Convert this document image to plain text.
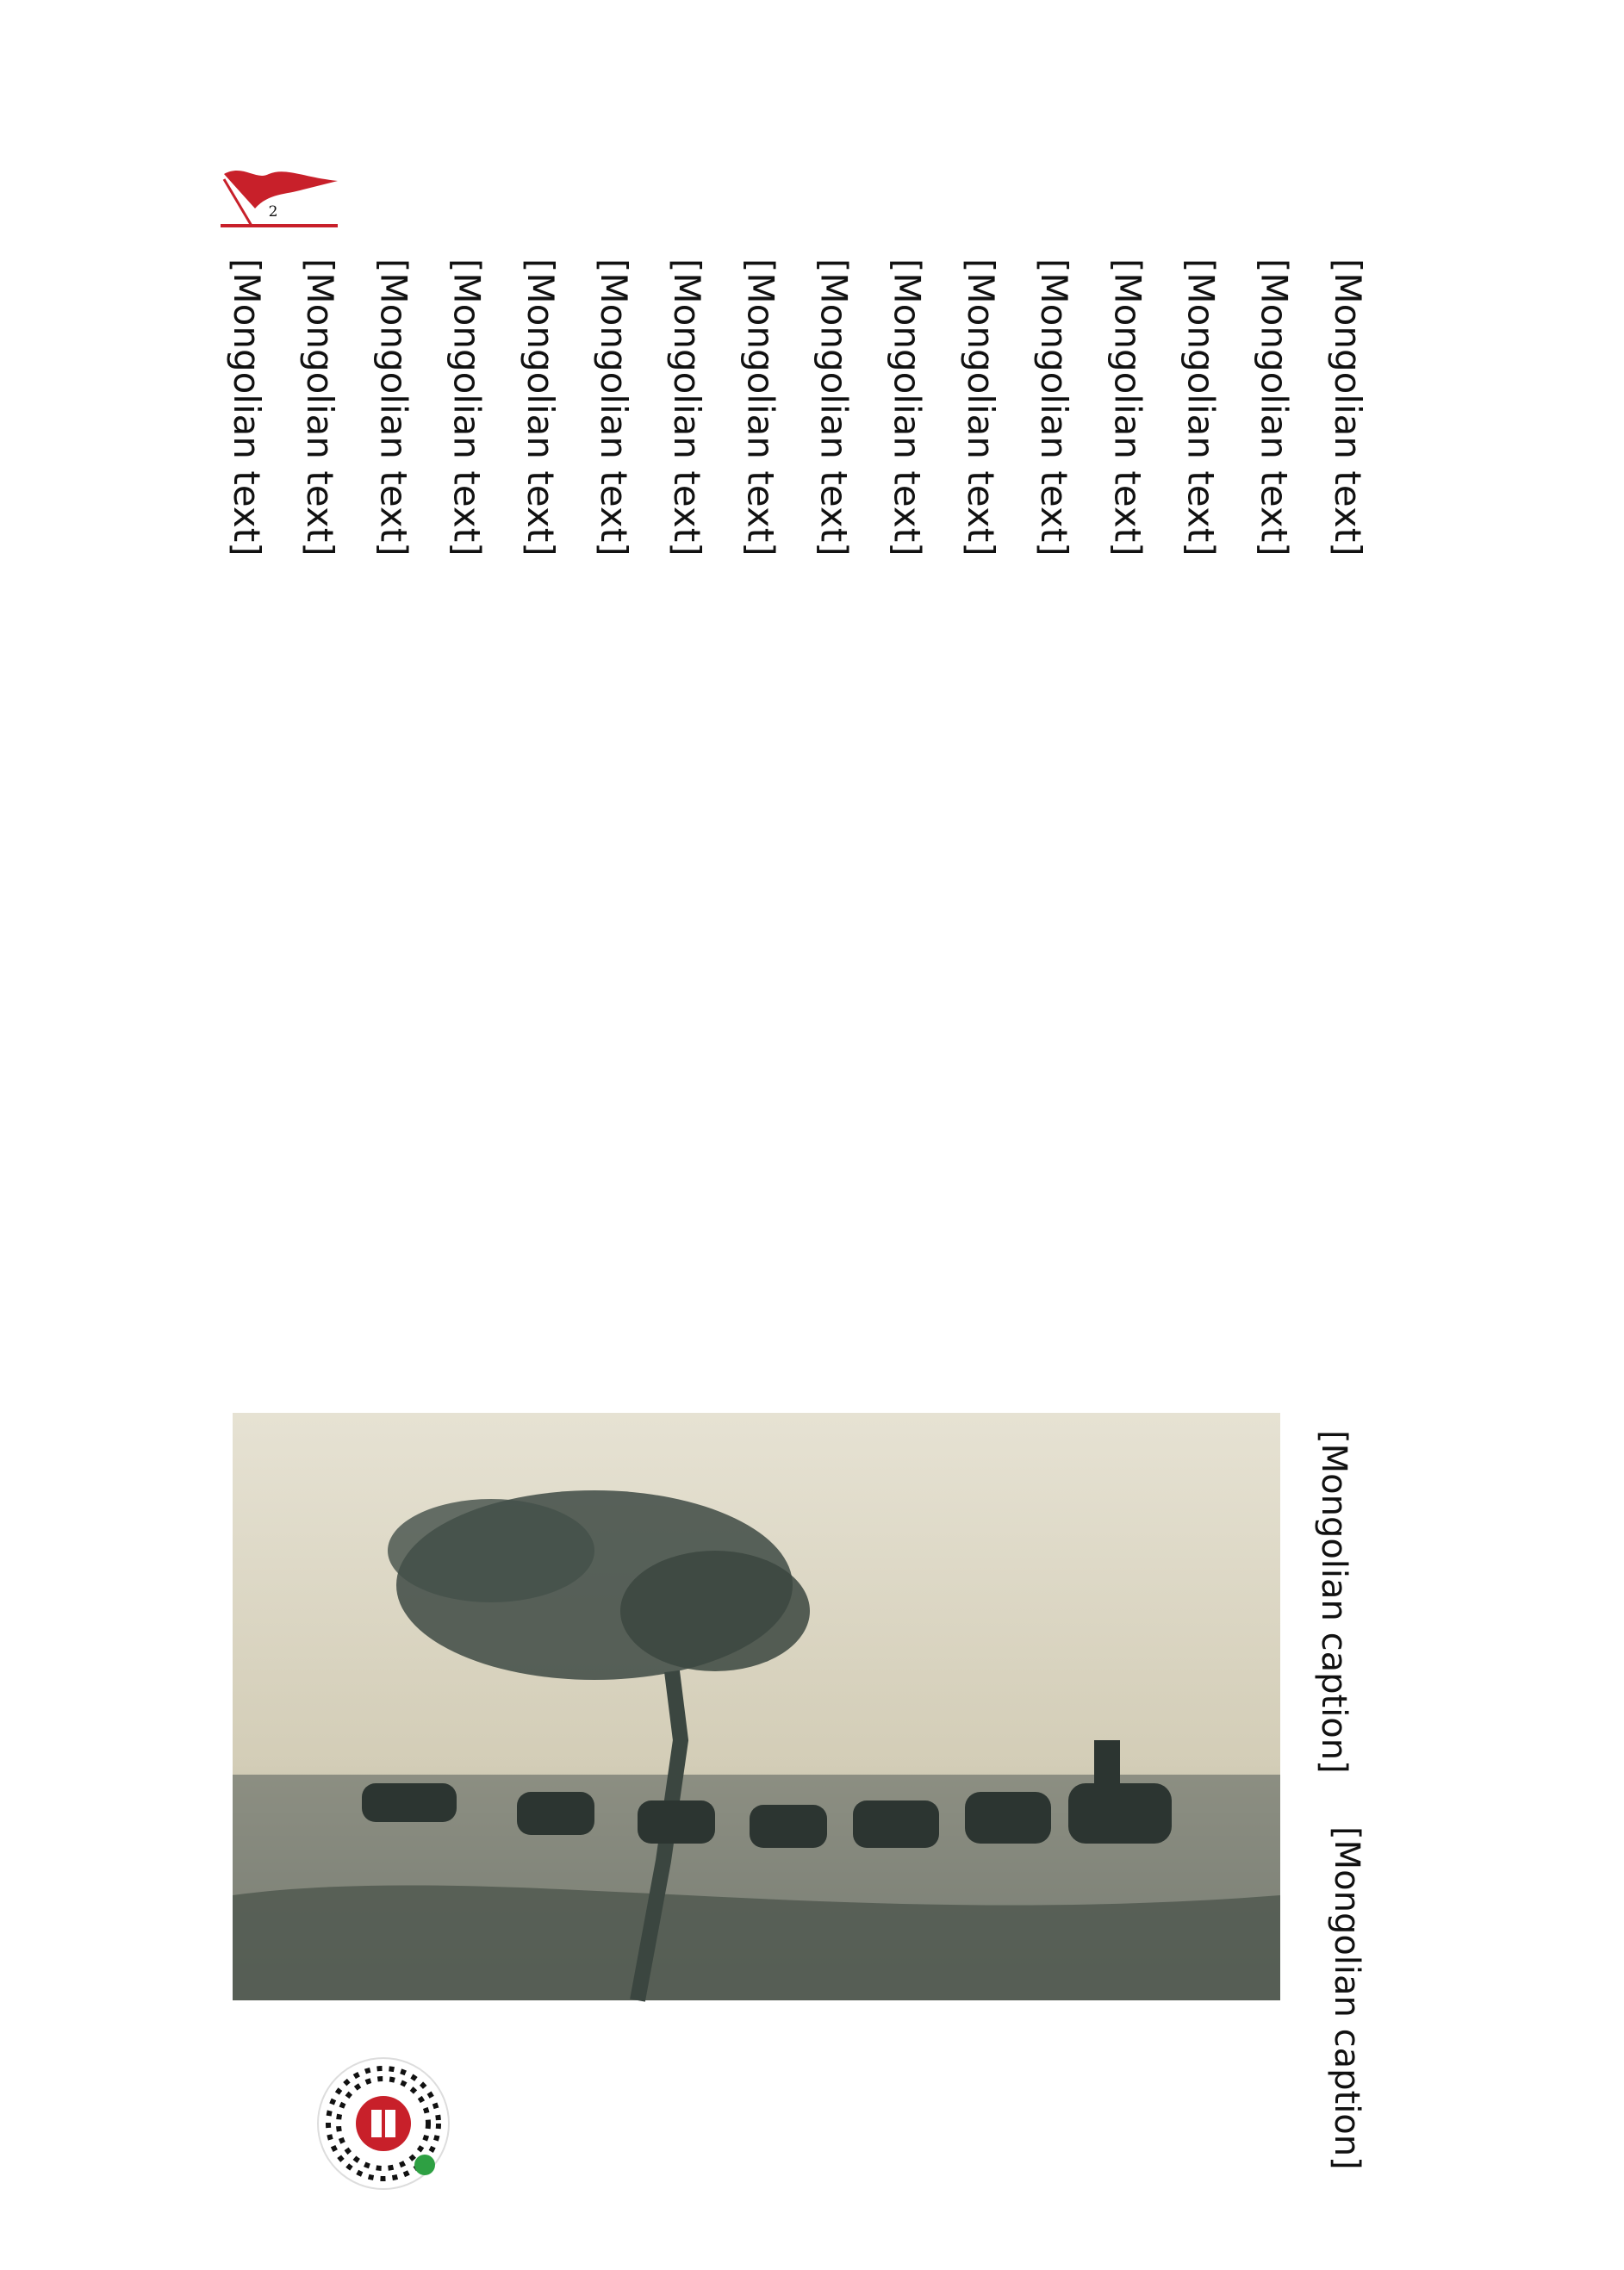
2
[Mongolian text]
[Mongolian text]
[Mongolian text]
[Mongolian text]
[Mongolian text]
[Mongolian text]
[Mongolian text]
[Mongolian text]
[Mongolian text]
[Mongolian text]
[Mongolian text]
[Mongolian text]
[Mongolian text]
[Mongolian text]
[Mongolian text]
[Mongolian text]
[Mongolian caption]
[Mongolian caption]
